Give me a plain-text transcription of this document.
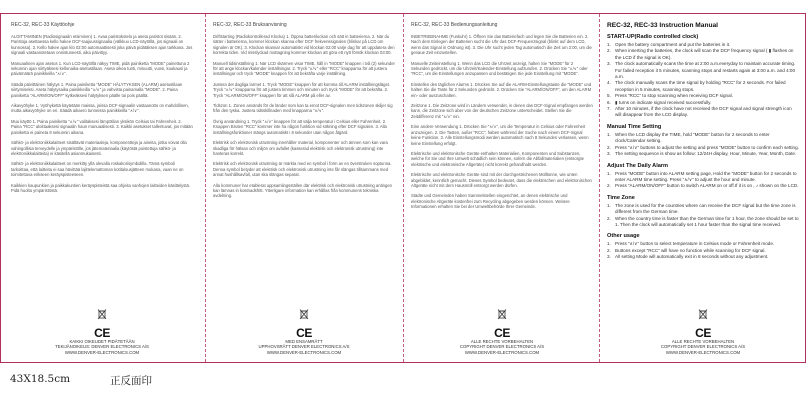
REC-32, REC-33 Käyttöohje

ALOITTAMINEN (Radiosignaalin etsiminen) 1. Avaa paristokotelo ja aseta paristot sisään. 2. Paristoja asettaessa kello hakee DCF-taajuussignaalia (välkkuu LCD-näytöllä, jos signaali on kunnossa). 3. Kello hakee ajan klo 02:00 automaattisesti joka päivä pidätäksen ajan tarkkana. Jos signaali vastaanotetaan onnistuneesti, aika päivittyy.

Manuaalinen ajan asetus 1. Kun LCD-näytöllä näkyy TIME, pidä painiketta “MODE” painettuna 2 sekunnin ajan siirtyäksesi kellonaika-asetustilaan. Aseta oikea tunti, minuutti, vuosi, kuukausi ja päivämäärä painikkeilla “∧/∨”.

Säädä päivittäinen hälytys 1. Paina painiketta “MODE” HÄLYTYKSEN (ALARM) asetustilaan siirtymiseksi. Aseta hälytysaika painikkeilla “∧/∨” ja vahvista painamalla “MODE”. 2. Paina painiketta “ALARM/ON/OFF” kytkeäksesi hälytyksen päälle tai pois päältä.

Aikavyöhyke 1. Vyöhykettä käytetään maissa, joissa DCF-signaalin vastaanotto on mahdollinen, mutta aikavyöhyke on eri. Säädä aikaero tunneissa painikkeilla “∧/∨”.

Muu käyttö 1. Paina painiketta “∧/∨” valitaksesi lämpötilan yksikön Celsius tai Fahrenheit. 2. Paina “RCC” aloittaaksesi signaalin haun manuaalisesti. 3. Kaikki asetukset tallentuvat, jos mitään painiketta ei paineta 8 sekunnin aikana.

Sähkö- ja elektroniikkalaitteet sisältävät materiaaleja, komponentteja ja aineita, jotka voivat olla vahingollisia terveydelle ja ympäristölle, jos jätemateriaalia (käytöstä poistettuja sähkö- ja elektroniikkalaitteita) ei käsitellä asianmukaisesti.

Sähkö- ja elektroniikkalaitteet on merkitty yllä olevalla roskakorisymbolilla. Tämä symboli tarkoittaa, että laitteita ei saa hävittää lajittelemattoman kotitalousjätteen mukana, vaan ne on toimitettava erikseen keräyspisteeseen.

Kaikkien kaupunkien ja paikkakuntien keräyspisteistä saa ohjeita vanhojen laitteiden käsittelystä. Pidä huolta ympäristöstä.

CE
KAIKKI OIKEUDET PIDÄTETÄÄN
TEKIJÄNOIKEUS: DENVER ELECTRONICS A/S
WWW.DENVER-ELECTRONICS.COM
REC-32, REC-33 Bruksanvisning

Driftstarting (Radiokontrollerad Klocka) 1. Öppna batteriluckan och sätt in batterierna. 2. När du sätter i batterierna, kommer klockan skanna efter DCF frekvenssignalen (blinkar på LCD om signalen är OK). 3. Klockan skannar automatiskt vid klockan 02:00 varje dag för att uppdatera den korrekta tiden. Vid misslyckad mottagning kommer klockan att göra ett nytt försök klockan 03:00.

Manuell tidsinställning 1. När LCD skärmen visar TIME, håll in “MODE” knappen i två (2) sekunder för att ange klockan/kalender inställningar. 2. Tryck “∧/∨” eller “RCC” knapparna för att justera inställningar och tryck “MODE” knappen för att bekräfta varje inställning.

Justera det dagliga larmet 1. Tryck “MODE” knappen för att komma till ALARM inställningsläget. Tryck “∧/∨” knapparna för att justera timmen och minuten och tryck “MODE” för att bekräfta. 2. Tryck “ALARM/ON/OFF” knappen för att slå ALARM på eller av.

Tidszon 1. Zonen används för de länder som kan ta emot DCF-signalen men tidszonen skiljer sig från den tyska. Justera tidsskillnaden med knapparna “∧/∨”.

Övrig användning 1. Tryck “∧/∨” knappen för att välja temperatur i Celsius eller Fahrenheit. 2. Knappen Bruten “RCC” kommer inte ha någon funktion vid sökning efter DCF signalen. 3. Alla inställningsfunktioner stängs automatiskt i 8 sekunder utan någon åtgärd.

Elektrisk och elektronisk utrustning innehåller material, komponenter och ämnen som kan vara skadliga för hälsan och miljön om avfallet (kasserad elektrisk och elektronisk utrustning) inte hanteras korrekt.

Elektrisk och elektronisk utrustning är märkta med en symbol i form av en överstruken soptunna. Denna symbol betyder att elektrisk och elektronisk utrustning inte får slängas tillsammans med annat hushållsavfall, utan ska slängas separat.

Alla kommuner har etablerat uppsamlingsställen där elektrisk och elektronisk utrustning antingen kan lämnas in kostnadsfritt. Ytterligare information kan erhållas från kommunens tekniska avdelning.

CE
MED ENSAMRÄTT
UPPHOVSRÄTT DENVER ELECTRONICS A/S
WWW.DENVER-ELECTRONICS.COM
REC-32, REC-33 Bedienungsanleitung

INBETRIEBNAHME (Funkuhr) 1. Öffnen Sie das Batteriefach und legen Sie die Batterien ein. 2. Nach dem Einlegen der Batterien sucht die Uhr das DCF-Frequenzsignal (blinkt auf dem LCD, wenn das Signal in Ordnung ist). 3. Die Uhr sucht jeden Tag automatisch die Zeit um 2:00, um die genaue Zeit einzustellen.

Manuelle Zeiteinstellung 1. Wenn das LCD die Uhrzeit anzeigt, halten Sie “MODE” für 2 Sekunden gedrückt, um die Uhrzeit/Kalender-Einstellung aufzurufen. 2. Drücken Sie “∧/∨” oder “RCC”, um die Einstellungen anzupassen und bestätigen Sie jede Einstellung mit “MODE”.

Einstellen des täglichen Alarms 1. Drücken Sie auf die ALARM-Einstellungstaste die “MODE” und halten Sie die Taste für 2 Sekunden gedrückt. 2. Drücken Sie “ALARM/ON/OFF”, um den ALARM ein- oder auszuschalten.

Zeitzone 1. Die Zeitzone wird in Ländern verwendet, in denen das DCF-Signal empfangen werden kann, die Zeitzone sich aber von der deutschen Zeitzone unterscheidet. Stellen Sie die Zeitdifferenz mit “∧/∨” ein.

Eine andere Verwendung 1. Drücken Sie “∧/∨”, um die Temperatur in Celsius oder Fahrenheit anzuzeigen. 2. Die Tasten, außer “RCC”, haben während der Suche nach einem DCF-Signal keine Funktion. 3. Alle Einstellungsmodi werden automatisch nach 8 Sekunden verlassen, wenn keine Einstellung erfolgt.

Elektrische und elektronische Geräte enthalten Materialien, Komponenten und Substanzen, welche für Sie und Ihre Umwelt schädlich sein können, sofern die Abfallmaterialien (entsorgte elektrische und elektronische Altgeräte) nicht korrekt gehandhabt werden.

Elektrische und elektronische Geräte sind mit der durchgestrichenen Mülltonne, wie unten abgebildet, kenntlich gemacht. Dieses Symbol bedeutet, dass die elektrischen und elektronischen Altgeräte nicht mit dem Hausmüll entsorgt werden dürfen.

Städte und Gemeinden haben Sammelstellen eingerichtet, an denen elektrische und elektronische Altgeräte kostenfrei zum Recycling abgegeben werden können. Weitere Informationen erhalten Sie bei der Umweltbehörde Ihrer Gemeinde.

CE
ALLE RECHTE VORBEHALTEN
COPYRIGHT DENVER ELECTRONICS A/S
WWW.DENVER-ELECTRONICS.COM
REC-32, REC-33 Instruction Manual
START-UP(Radio controlled clock)
1. Open the battery compartment and put the batteries in it.
2. When inserting the batteries, the clock will scan the DCF frequency signal ( ▮ flashes on the LCD if the signal is OK).
3. The clock automatically scans the time at 2:00 a.m.everyday to maintain accurate timing. For failed reception it 5 minutes, scanning stops and restarts again at 3:00 a.m. and 4:00 a.m.
4. The clock manually scans the time signal by holding “RCC” for 2 seconds. For failed reception in 5 minutes, scanning stops.
5. Press “RCC” to stop scanning when receiving DCF signal.
6. ▮ turns on indicate signal received successfully.
7. After 10 minutes, if the clock have not received the DCF signal and signal strength icon will disappear from the LCD display.
Manual Time Setting
1. When the LCD display the TIME, hold “MODE” button for 2 seconds to enter clock/Calendar setting.
2. Press “∧/∨” buttons to adjust the setting and press “MODE” button to confirm each setting.
3. The setting sequence is show as follow: 12/24H display, Hour, Minute, Year, Month, Date.
Adjust The Daily Alarm
1. Press “MODE” button into ALARM setting page, Hold the “MODE” button for 2 seconds to enter ALARM time setting. Press “∧/∨” to adjust the hour and minute.
2. Press “ALARM/ON/OFF” button to switch ALARM on or off.If it is on , ♪ shown on the LCD.
Time Zone
1. The zone is used for the countries where can receive the DCF signal but the time zone is different from the German time.
2. When the country time is faster than the German time for 1 hour, the zone should be set to 1. Then the clock will automatically set 1 hour faster than the signal time received.
Other usage
1. Press “∧/∨” button to select temperature in Celsius mode or Fahrenheit mode.
2. Buttons except “RCC” will have no function while scanning for DCF signal.
3. All setting Mode will automatically exit in 8 seconds without any adjustment.
CE
ALLE RECHTE VORBEHALTEN
COPYRIGHT DENVER ELECTRONICS A/S
WWW.DENVER-ELECTRONICS.COM
43X18.5cm	正反面印
